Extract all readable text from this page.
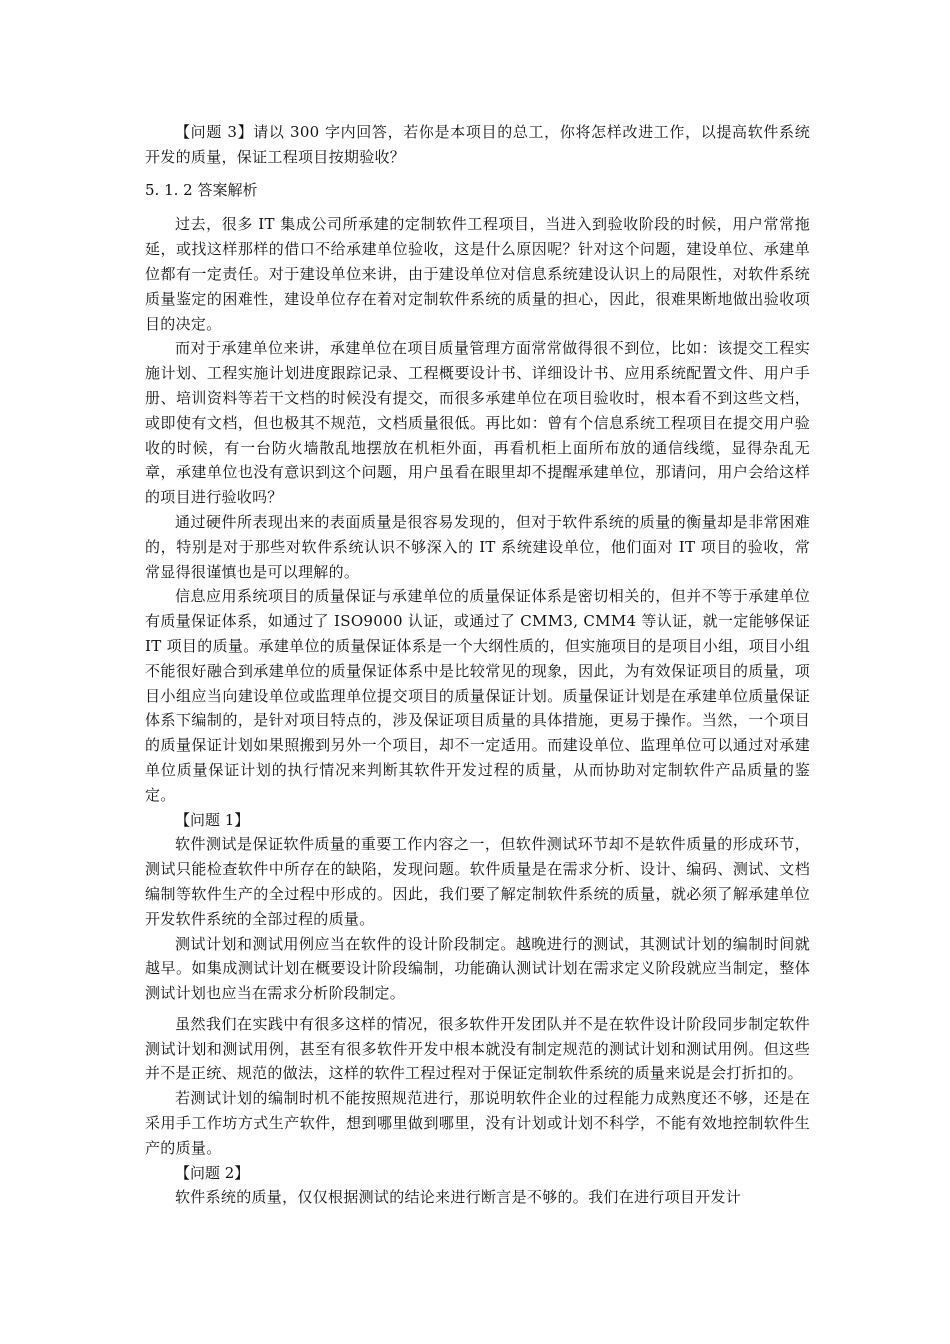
【问题 3】请以 300 字内回答，若你是本项目的总工，你将怎样改进工作，以提高软件系统开发的质量，保证工程项目按期验收？

5. 1. 2 答案解析

过去，很多 IT 集成公司所承建的定制软件工程项目，当进入到验收阶段的时候，用户常常拖延，或找这样那样的借口不给承建单位验收，这是什么原因呢？针对这个问题，建设单位、承建单位都有一定责任。对于建设单位来讲，由于建设单位对信息系统建设认识上的局限性，对软件系统质量鉴定的困难性，建设单位存在着对定制软件系统的质量的担心，因此，很难果断地做出验收项目的决定。

而对于承建单位来讲，承建单位在项目质量管理方面常常做得很不到位，比如：该提交工程实施计划、工程实施计划进度跟踪记录、工程概要设计书、详细设计书、应用系统配置文件、用户手册、培训资料等若干文档的时候没有提交，而很多承建单位在项目验收时，根本看不到这些文档，或即使有文档，但也极其不规范，文档质量很低。再比如：曾有个信息系统工程项目在提交用户验收的时候，有一台防火墙散乱地摆放在机柜外面，再看机柜上面所布放的通信线缆，显得杂乱无章，承建单位也没有意识到这个问题，用户虽看在眼里却不提醒承建单位，那请问，用户会给这样的项目进行验收吗？

通过硬件所表现出来的表面质量是很容易发现的，但对于软件系统的质量的衡量却是非常困难的，特别是对于那些对软件系统认识不够深入的 IT 系统建设单位，他们面对 IT 项目的验收，常常显得很谨慎也是可以理解的。

信息应用系统项目的质量保证与承建单位的质量保证体系是密切相关的，但并不等于承建单位有质量保证体系，如通过了 ISO9000 认证，或通过了 CMM3, CMM4 等认证，就一定能够保证 IT 项目的质量。承建单位的质量保证体系是一个大纲性质的，但实施项目的是项目小组，项目小组不能很好融合到承建单位的质量保证体系中是比较常见的现象，因此，为有效保证项目的质量，项目小组应当向建设单位或监理单位提交项目的质量保证计划。质量保证计划是在承建单位质量保证体系下编制的，是针对项目特点的，涉及保证项目质量的具体措施，更易于操作。当然，一个项目的质量保证计划如果照搬到另外一个项目，却不一定适用。而建设单位、监理单位可以通过对承建单位质量保证计划的执行情况来判断其软件开发过程的质量，从而协助对定制软件产品质量的鉴定。

【问题 1】

软件测试是保证软件质量的重要工作内容之一，但软件测试环节却不是软件质量的形成环节，测试只能检查软件中所存在的缺陷，发现问题。软件质量是在需求分析、设计、编码、测试、文档编制等软件生产的全过程中形成的。因此，我们要了解定制软件系统的质量，就必须了解承建单位开发软件系统的全部过程的质量。

测试计划和测试用例应当在软件的设计阶段制定。越晚进行的测试，其测试计划的编制时间就越早。如集成测试计划在概要设计阶段编制，功能确认测试计划在需求定义阶段就应当制定，整体测试计划也应当在需求分析阶段制定。

虽然我们在实践中有很多这样的情况，很多软件开发团队并不是在软件设计阶段同步制定软件测试计划和测试用例，甚至有很多软件开发中根本就没有制定规范的测试计划和测试用例。但这些并不是正统、规范的做法，这样的软件工程过程对于保证定制软件系统的质量来说是会打折扣的。

若测试计划的编制时机不能按照规范进行，那说明软件企业的过程能力成熟度还不够，还是在采用手工作坊方式生产软件，想到哪里做到哪里，没有计划或计划不科学，不能有效地控制软件生产的质量。

【问题 2】

软件系统的质量，仅仅根据测试的结论来进行断言是不够的。我们在进行项目开发计
